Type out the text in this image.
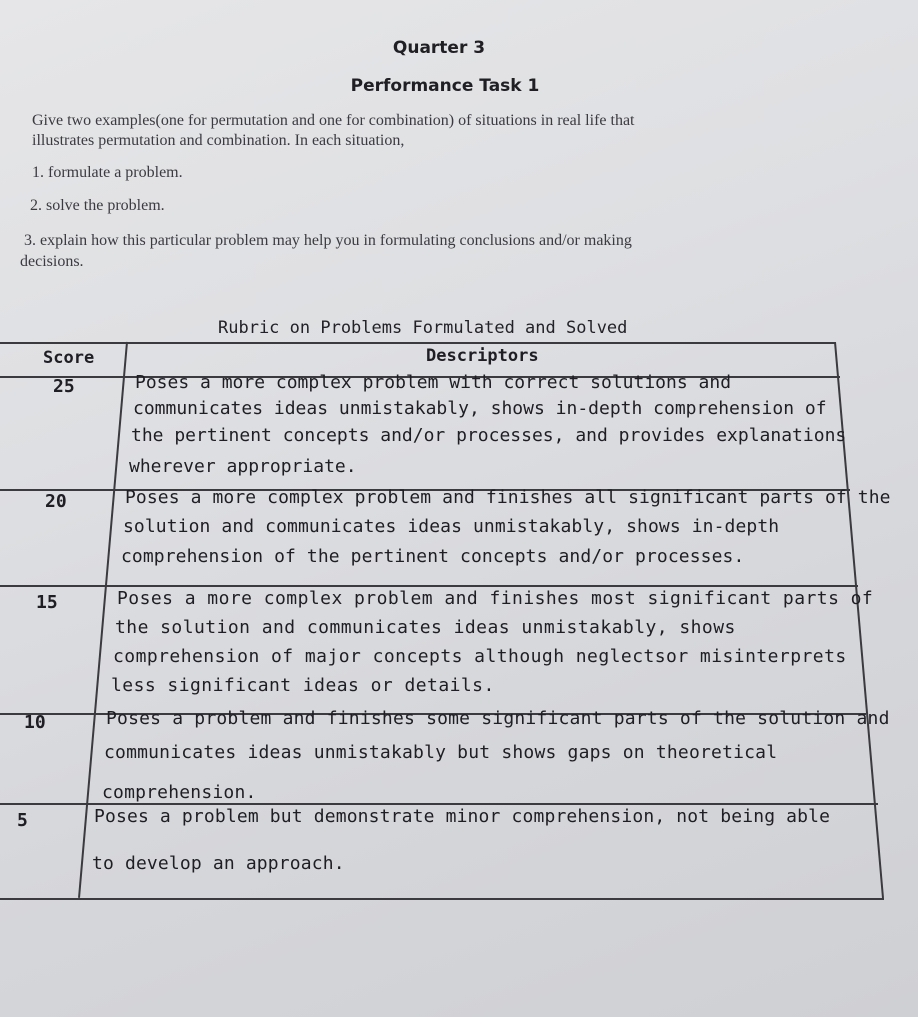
Quarter 3
Performance Task 1
Give two examples(one for permutation and one for combination) of situations in real life that
illustrates permutation and combination. In each situation,
1. formulate a problem.
2. solve the problem.
3. explain how this particular problem may help you in formulating conclusions and/or making
decisions.
Rubric on Problems Formulated and Solved
Score	Descriptors
25	Poses a more complex problem with correct solutions and
communicates ideas unmistakably, shows in-depth comprehension of
the pertinent concepts and/or processes, and provides explanations
wherever appropriate.
20	Poses a more complex problem and finishes all significant parts of the
solution and communicates ideas unmistakably, shows in-depth
comprehension of the pertinent concepts and/or processes.
15	Poses a more complex problem and finishes most significant parts of
the solution and communicates ideas unmistakably, shows
comprehension of major concepts although neglectsor misinterprets
less significant ideas or details.
10	Poses a problem and finishes some significant parts of the solution and
communicates ideas unmistakably but shows gaps on theoretical
comprehension.
5	Poses a problem but demonstrate minor comprehension, not being able
to develop an approach.
